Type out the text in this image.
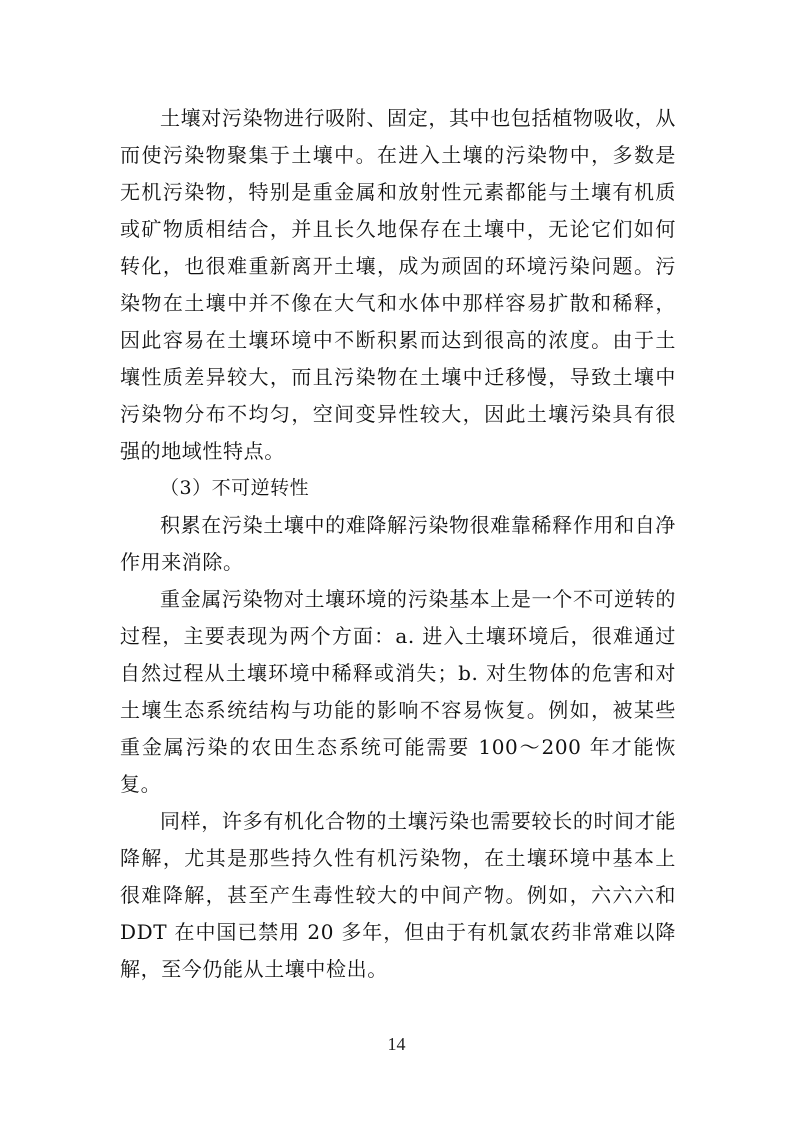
土壤对污染物进行吸附、固定，其中也包括植物吸收，从而使污染物聚集于土壤中。在进入土壤的污染物中，多数是无机污染物，特别是重金属和放射性元素都能与土壤有机质或矿物质相结合，并且长久地保存在土壤中，无论它们如何转化，也很难重新离开土壤，成为顽固的环境污染问题。污染物在土壤中并不像在大气和水体中那样容易扩散和稀释，因此容易在土壤环境中不断积累而达到很高的浓度。由于土壤性质差异较大，而且污染物在土壤中迁移慢，导致土壤中污染物分布不均匀，空间变异性较大，因此土壤污染具有很强的地域性特点。

（3）不可逆转性

积累在污染土壤中的难降解污染物很难靠稀释作用和自净作用来消除。

重金属污染物对土壤环境的污染基本上是一个不可逆转的过程，主要表现为两个方面：a. 进入土壤环境后，很难通过自然过程从土壤环境中稀释或消失；b. 对生物体的危害和对土壤生态系统结构与功能的影响不容易恢复。例如，被某些重金属污染的农田生态系统可能需要 100～200 年才能恢复。

同样，许多有机化合物的土壤污染也需要较长的时间才能降解，尤其是那些持久性有机污染物，在土壤环境中基本上很难降解，甚至产生毒性较大的中间产物。例如，六六六和 DDT 在中国已禁用 20 多年，但由于有机氯农药非常难以降解，至今仍能从土壤中检出。

14
